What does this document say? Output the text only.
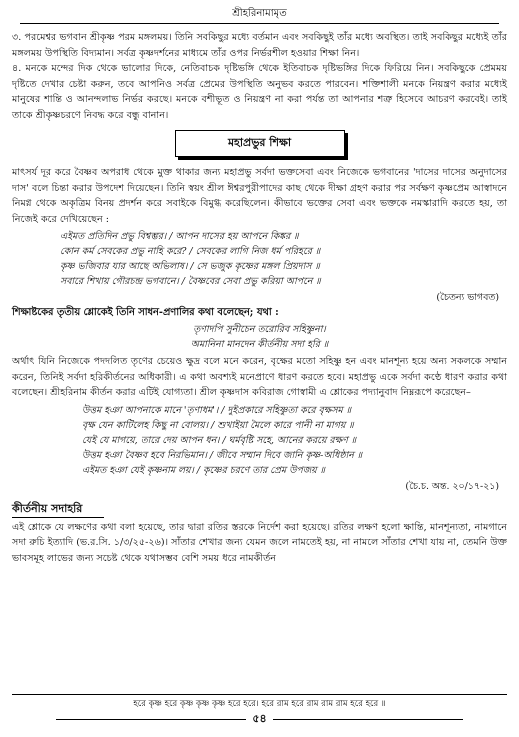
শ্রীহরিনামামৃত

৩. পরমেশ্বর ভগবান শ্রীকৃষ্ণ পরম মঙ্গলময়। তিনি সবকিছুর মধ্যে বর্তমান এবং সবকিছুই তাঁর মধ্যে অবস্থিত। তাই সবকিছুর মধ্যেই তাঁর মঙ্গলময় উপস্থিতি বিদ্যমান। সর্বত্র কৃষ্ণদর্শনের মাধ্যমে তাঁর ওপর নির্ভরশীল হওয়ার শিক্ষা নিন।

৪. মনকে মন্দের দিক থেকে ভালোর দিকে, নেতিবাচক দৃষ্টিভঙ্গি থেকে ইতিবাচক দৃষ্টিভঙ্গির দিকে ফিরিয়ে নিন। সবকিছুকে প্রেমময় দৃষ্টিতে দেখার চেষ্টা করুন, তবে আপনিও সর্বত্র প্রেমের উপস্থিতি অনুভব করতে পারবেন। শক্তিশালী মনকে নিয়ন্ত্রণ করার মধ্যেই মানুষের শান্তি ও আনন্দলাভ নির্ভর করছে। মনকে বশীভূত ও নিয়ন্ত্রণ না করা পর্যন্ত তা আপনার শত্রু হিসেবে আচরণ করবেই। তাই তাকে শ্রীকৃষ্ণচরণে নিবদ্ধ করে বন্ধু বানান।

মহাপ্রভুর শিক্ষা

মাৎসর্য দূর করে বৈষ্ণব অপরাধ থেকে মুক্ত থাকার জন্য মহাপ্রভু সর্বদা ভক্তসেবা এবং নিজেকে ভগবানের 'দাসের দাসের অনুদাসের দাস' বলে চিন্তা করার উপদেশ দিয়েছেন। তিনি স্বয়ং শ্রীল ঈশ্বরপুরীপাদের কাছ থেকে দীক্ষা গ্রহণ করার পর সর্বক্ষণ কৃষ্ণপ্রেম আস্বাদনে নিমগ্ন থেকে অকৃত্রিম বিনয় প্রদর্শন করে সবাইকে বিমুগ্ধ করেছিলেন। কীভাবে ভক্তের সেবা এবং ভক্তকে নমস্কারাদি করতে হয়, তা নিজেই করে দেখিয়েছেন :

এইমত প্রতিদিন প্রভু বিশ্বম্ভর। / আপন দাসের হয় আপনে কিঙ্কর ॥
কোন কর্ম সেবকের প্রভু নাহি করে? / সেবকের লাগি নিজ ধর্ম পরিহরে ॥
কৃষ্ণ ভজিবার যার আছে অভিলাষ। / সে ভজুক কৃষ্ণের মঙ্গল প্রিয়দাস ॥
সবারে শিখায় গৌরচন্দ্র ভগবানে। / বৈষ্ণবের সেবা প্রভু করিয়া আপনে ॥
(চৈতন্য ভাগবত)
শিক্ষাষ্টকের তৃতীয় শ্লোকেই তিনি সাধন-প্রণালির কথা বলেছেন; যথা :
তৃণাদপি সুনীচেন তরোরিব সহিষ্ণুনা।
অমানিনা মানদেন কীর্তনীয় সদা হরি ॥

অর্থাৎ যিনি নিজেকে পদদলিত তৃণের চেয়েও ক্ষুদ্র বলে মনে করেন, বৃক্ষের মতো সহিষ্ণু হন এবং মানশূন্য হয়ে অন্য সকলকে সম্মান করেন, তিনিই সর্বদা হরিকীর্তনের অধিকারী। এ কথা অবশ্যই মনেপ্রাণে ধারণ করতে হবে। মহাপ্রভু একে সর্বদা কণ্ঠে ধারণ করার কথা বলেছেন। শ্রীহরিনাম কীর্তন করার এটিই যোগ্যতা। শ্রীল কৃষ্ণদাস কবিরাজ গোস্বামী এ শ্লোকের পদ্যানুবাদ নিম্নরূপে করেছেন–

উত্তম হঞা আপনাকে মানে 'তৃণাধম'। / দুইপ্রকারে সহিষ্ণুতা করে বৃক্ষসম ॥
বৃক্ষ যেন কাটিলেহ কিছু না বোলয়। / শুখাইয়া মৈলে কারে পানী না মাগয় ॥
যেই যে মাগয়ে, তারে দেয় আপন ধন। / ঘর্মবৃষ্টি সহে, আনের করয়ে রক্ষণ ॥
উত্তম হঞা বৈষ্ণব হবে নিরভিমান। / জীবে সম্মান দিবে জানি কৃষ্ণ-অধিষ্ঠান ॥
এইমত হঞা যেই কৃষ্ণনাম লয়। / কৃষ্ণের চরণে তার প্রেম উপজয় ॥
(চৈ.চ. অন্ত. ২০/১৭-২১)
কীর্তনীয় সদাহরি

এই শ্লোকে যে লক্ষণের কথা বলা হয়েছে, তার দ্বারা রতির স্তরকে নির্দেশ করা হয়েছে। রতির লক্ষণ হলো ক্ষান্তি, মানশূন্যতা, নামগানে সদা রুচি ইত্যাদি (ভ.র.সি. ১/৩/২৫-২৬)। সাঁতার শেখার জন্য যেমন জলে নামতেই হয়, না নামলে সাঁতার শেখা যায় না, তেমনি উক্ত ভাবসমূহ লাভের জন্য সচেষ্ট থেকে যথাসম্ভব বেশি সময় ধরে নামকীর্তন

হরে কৃষ্ণ হরে কৃষ্ণ কৃষ্ণ কৃষ্ণ হরে হরে। হরে রাম হরে রাম রাম রাম হরে হরে ॥
৫৪
